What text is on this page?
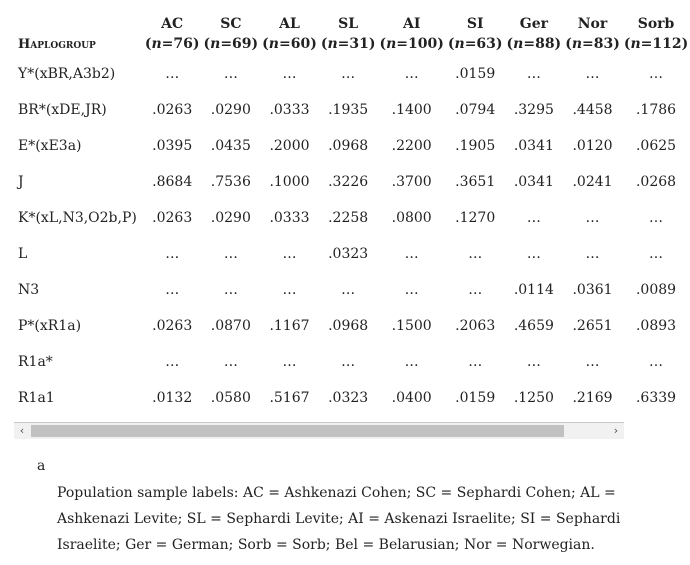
Haplogroup	AC	SC	AL	SL	AI	SI	Ger	Nor	Sorb
	(n=76)	(n=69)	(n=60)	(n=31)	(n=100)	(n=63)	(n=88)	(n=83)	(n=112)
Y*(xBR,A3b2)	…	…	…	…	…	.0159	…	…	…
BR*(xDE,JR)	.0263	.0290	.0333	.1935	.1400	.0794	.3295	.4458	.1786
E*(xE3a)	.0395	.0435	.2000	.0968	.2200	.1905	.0341	.0120	.0625
J	.8684	.7536	.1000	.3226	.3700	.3651	.0341	.0241	.0268
K*(xL,N3,O2b,P)	.0263	.0290	.0333	.2258	.0800	.1270	…	…	…
L	…	…	…	.0323	…	…	…	…	…
N3	…	…	…	…	…	…	.0114	.0361	.0089
P*(xR1a)	.0263	.0870	.1167	.0968	.1500	.2063	.4659	.2651	.0893
R1a*	…	…	…	…	…	…	…	…	…
R1a1	.0132	.0580	.5167	.0323	.0400	.0159	.1250	.2169	.6339
‹	›
a
Population sample labels: AC = Ashkenazi Cohen; SC = Sephardi Cohen; AL = Ashkenazi Levite; SL = Sephardi Levite; AI = Askenazi Israelite; SI = Sephardi Israelite; Ger = German; Sorb = Sorb; Bel = Belarusian; Nor = Norwegian.
